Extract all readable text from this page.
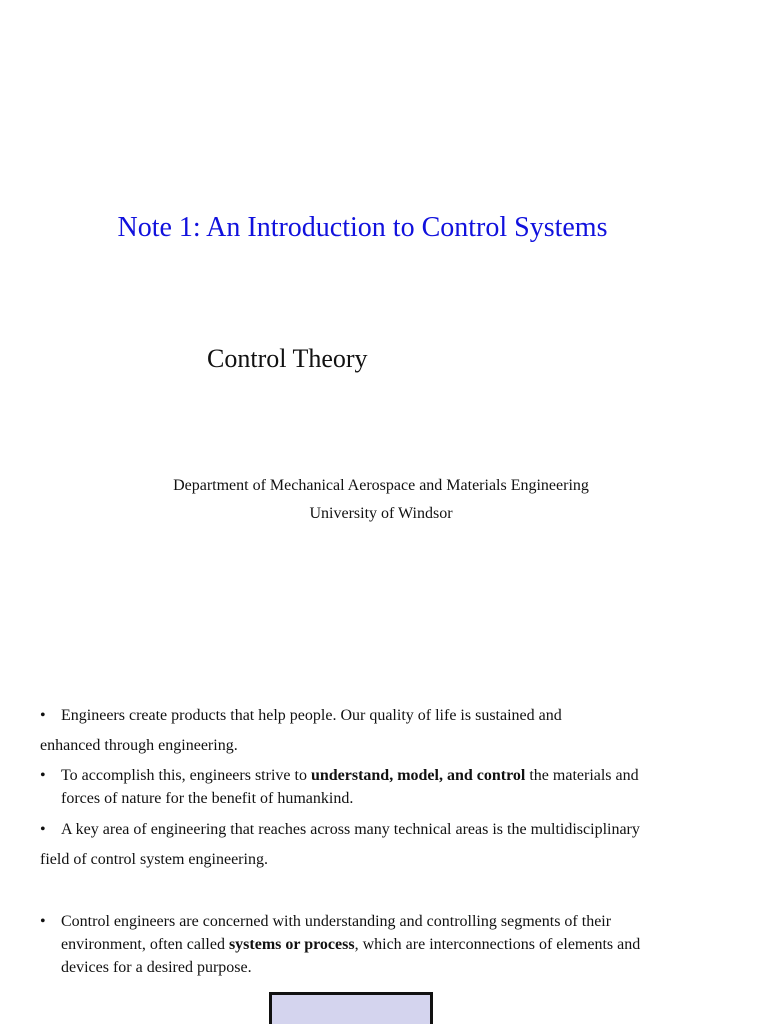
Note 1: An Introduction to Control Systems
Control Theory
Department of Mechanical Aerospace and Materials Engineering
University of Windsor
• Engineers create products that help people. Our quality of life is sustained and
enhanced through engineering.
• To accomplish this, engineers strive to understand, model, and control the materials and
forces of nature for the benefit of humankind.
• A key area of engineering that reaches across many technical areas is the multidisciplinary
field of control system engineering.
• Control engineers are concerned with understanding and controlling segments of their
environment, often called systems or process, which are interconnections of elements and
devices for a desired purpose.
